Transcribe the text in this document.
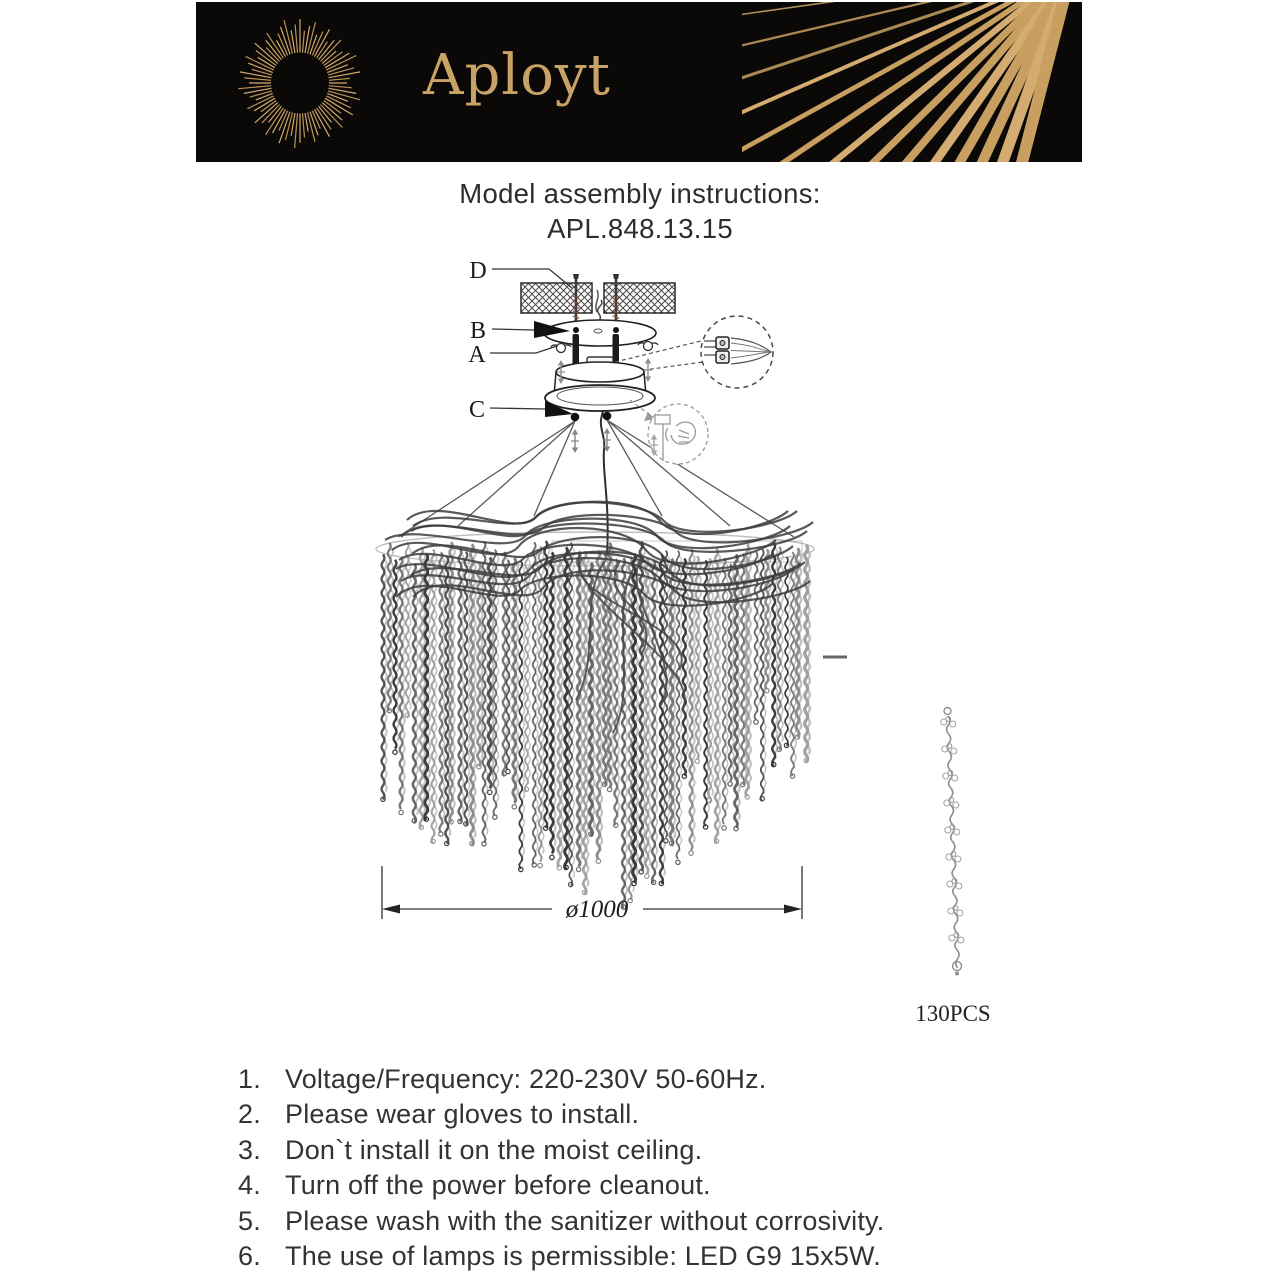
Aployt
Model assembly instructions:
APL.848.13.15
D
B
A
C
ø1000
130PCS
1. Voltage/Frequency: 220-230V 50-60Hz.
2. Please wear gloves to install.
3. Don`t install it on the moist ceiling.
4. Turn off the power before cleanout.
5. Please wash with the sanitizer without corrosivity.
6. The use of lamps is permissible: LED G9 15x5W.
